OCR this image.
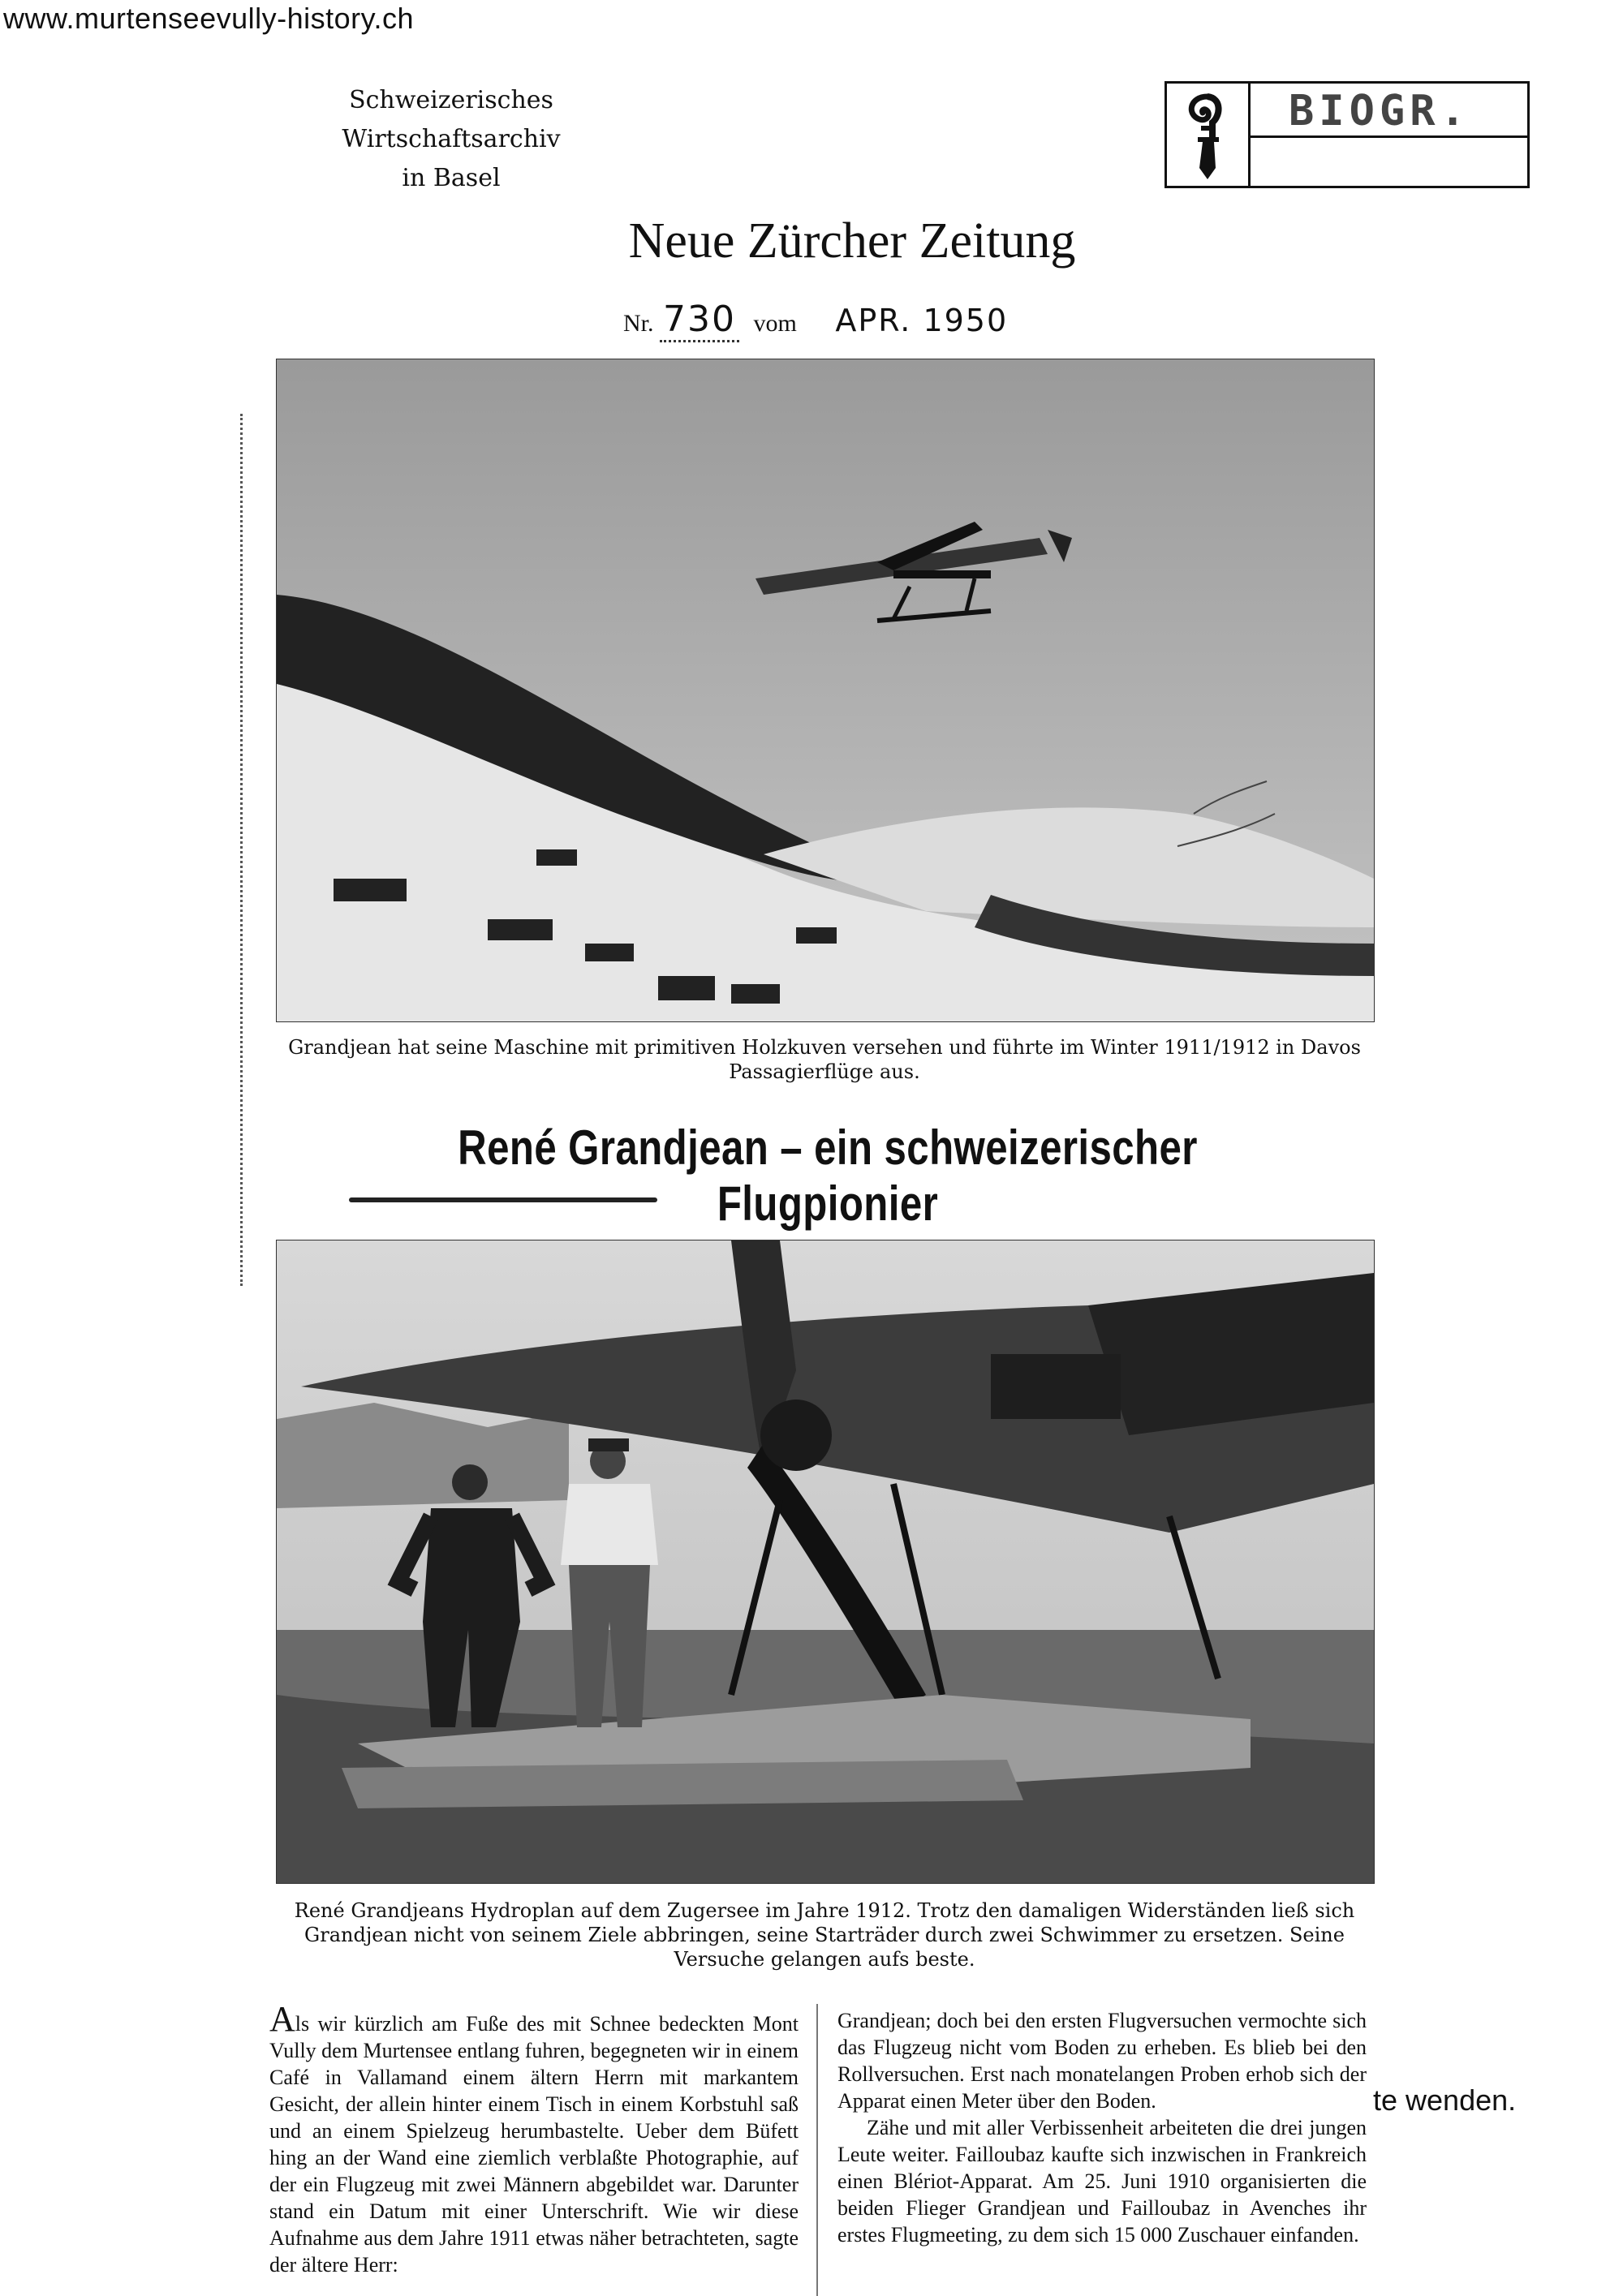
www.murtenseevully-history.ch
Schweizerisches Wirtschaftsarchiv
in Basel
BIOGR.
Neue Zürcher Zeitung
Nr. 730 vom APR. 1950
Grandjean hat seine Maschine mit primitiven Holzkuven versehen und führte im Winter 1911/1912 in Davos Passagierflüge aus.
René Grandjean – ein schweizerischer Flugpionier
René Grandjeans Hydroplan auf dem Zugersee im Jahre 1912. Trotz den damaligen Widerständen ließ sich Grandjean nicht von seinem Ziele abbringen, seine Starträder durch zwei Schwimmer zu ersetzen. Seine Versuche gelangen aufs beste.

Als wir kürzlich am Fuße des mit Schnee bedeckten Mont Vully dem Murtensee entlang fuhren, begegneten wir in einem Café in Vallamand einem ältern Herrn mit markantem Gesicht, der allein hinter einem Tisch in einem Korbstuhl saß und an einem Spielzeug herumbastelte. Ueber dem Büfett hing an der Wand eine ziemlich verblaßte Photographie, auf der ein Flugzeug mit zwei Männern abgebildet war. Darunter stand ein Datum mit einer Unterschrift. Wie wir diese Aufnahme aus dem Jahre 1911 etwas näher betrachteten, sagte der ältere Herr:

Grandjean; doch bei den ersten Flugversuchen vermochte sich das Flugzeug nicht vom Boden zu erheben. Es blieb bei den Rollversuchen. Erst nach monatelangen Proben erhob sich der Apparat einen Meter über den Boden.

Zähe und mit aller Verbissenheit arbeiteten die drei jungen Leute weiter. Failloubaz kaufte sich inzwischen in Frankreich einen Blériot-Apparat. Am 25. Juni 1910 organisierten die beiden Flieger Grandjean und Failloubaz in Avenches ihr erstes Flugmeeting, zu dem sich 15 000 Zuschauer einfanden.

te wenden.
